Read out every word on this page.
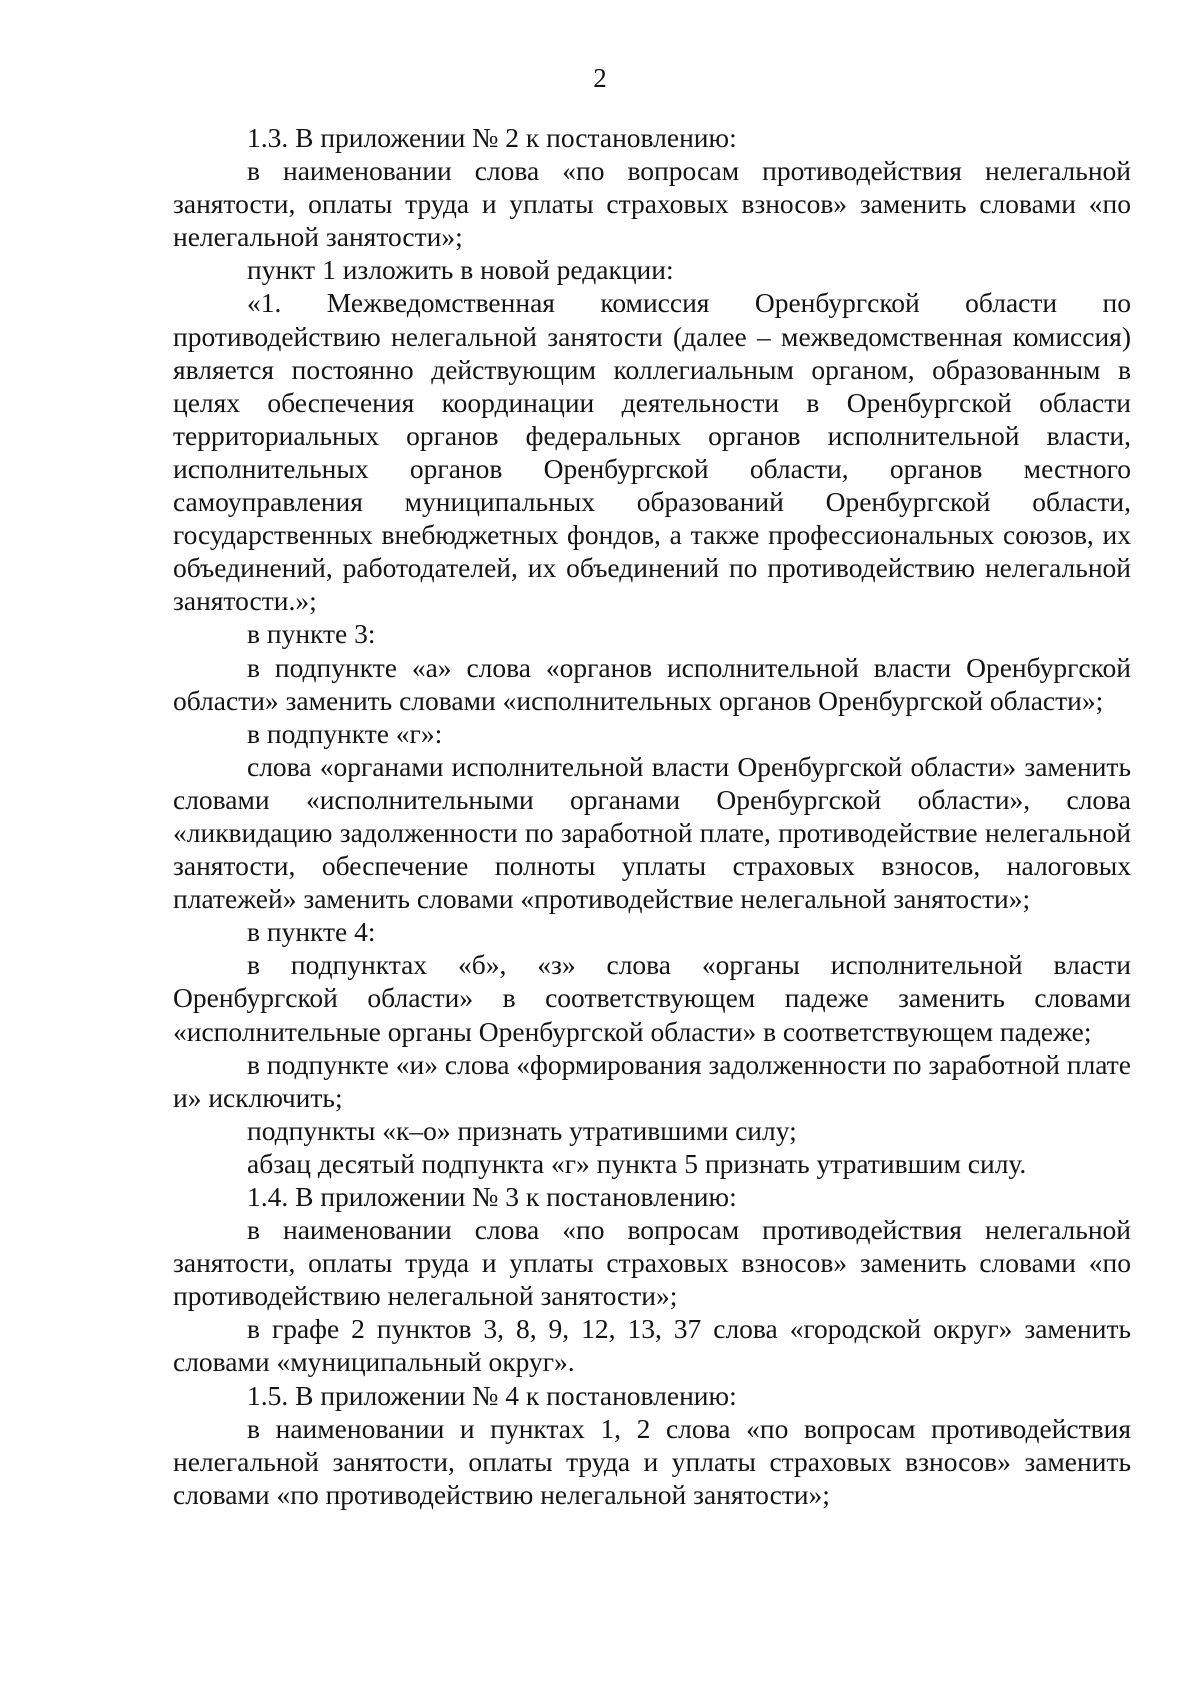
2

1.3. В приложении № 2 к постановлению:

в наименовании слова «по вопросам противодействия нелегальной занятости, оплаты труда и уплаты страховых взносов» заменить словами «по нелегальной занятости»;

пункт 1 изложить в новой редакции:

«1. Межведомственная комиссия Оренбургской области по противодействию нелегальной занятости (далее – межведомственная комиссия) является постоянно действующим коллегиальным органом, образованным в целях обеспечения координации деятельности в Оренбургской области территориальных органов федеральных органов исполнительной власти, исполнительных органов Оренбургской области, органов местного самоуправления муниципальных образований Оренбургской области, государственных внебюджетных фондов, а также профессиональных союзов, их объединений, работодателей, их объединений по противодействию нелегальной занятости.»;

в пункте 3:

в подпункте «а» слова «органов исполнительной власти Оренбургской области» заменить словами «исполнительных органов Оренбургской области»;

в подпункте «г»:

слова «органами исполнительной власти Оренбургской области» заменить словами «исполнительными органами Оренбургской области», слова «ликвидацию задолженности по заработной плате, противодействие нелегальной занятости, обеспечение полноты уплаты страховых взносов, налоговых платежей» заменить словами «противодействие нелегальной занятости»;

в пункте 4:

в подпунктах «б», «з» слова «органы исполнительной власти Оренбургской области» в соответствующем падеже заменить словами «исполнительные органы Оренбургской области» в соответствующем падеже;

в подпункте «и» слова «формирования задолженности по заработной плате и» исключить;

подпункты «к–о» признать утратившими силу;

абзац десятый подпункта «г» пункта 5 признать утратившим силу.

1.4. В приложении № 3 к постановлению:

в наименовании слова «по вопросам противодействия нелегальной занятости, оплаты труда и уплаты страховых взносов» заменить словами «по противодействию нелегальной занятости»;

в графе 2 пунктов 3, 8, 9, 12, 13, 37 слова «городской округ» заменить словами «муниципальный округ».

1.5. В приложении № 4 к постановлению:

в наименовании и пунктах 1, 2 слова «по вопросам противодействия нелегальной занятости, оплаты труда и уплаты страховых взносов» заменить словами «по противодействию нелегальной занятости»;
